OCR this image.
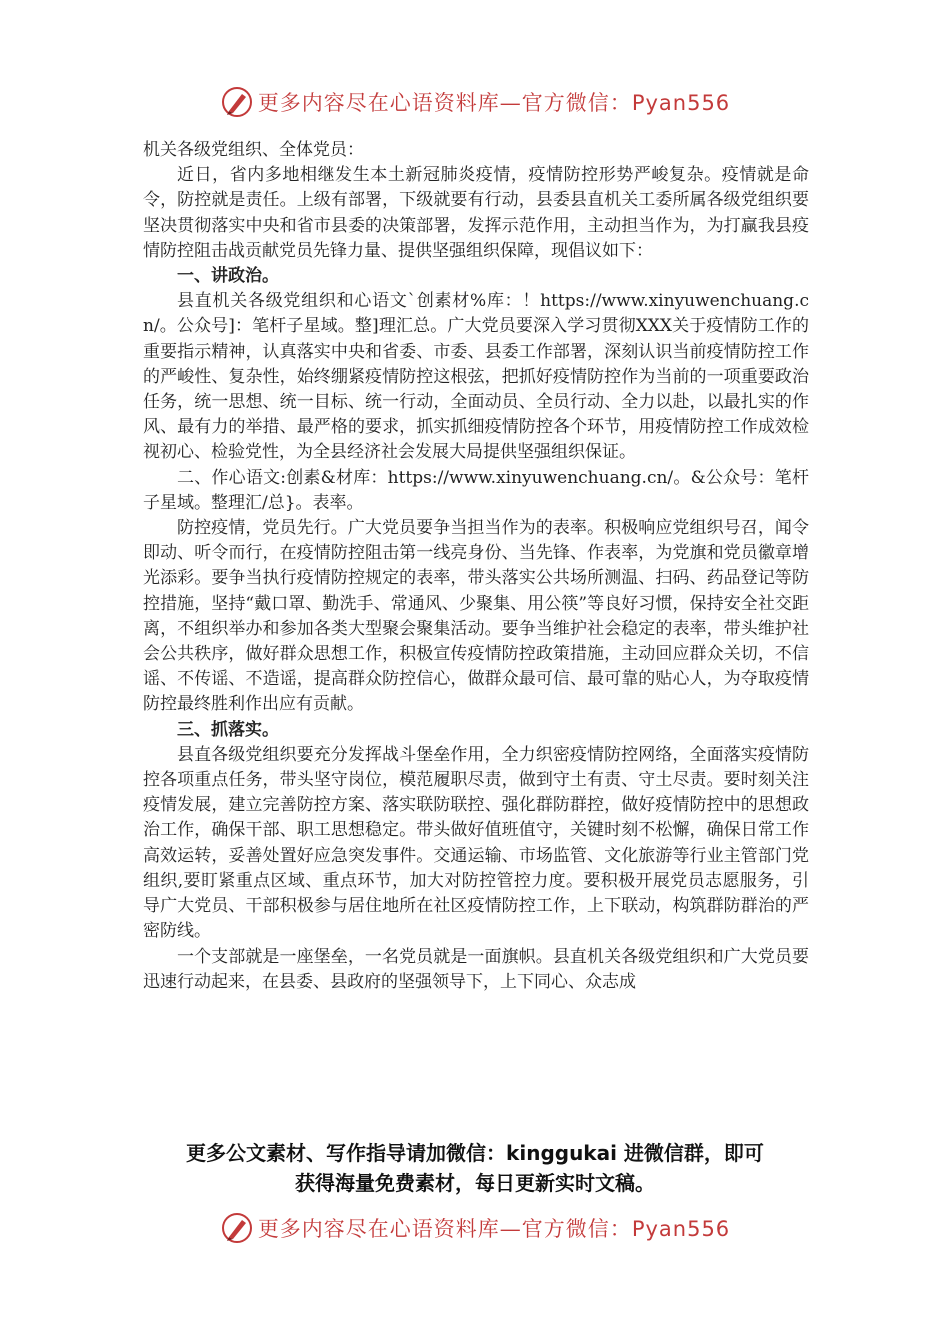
更多内容尽在心语资料库—官方微信：Pyan556

机关各级党组织、全体党员：

近日，省内多地相继发生本土新冠肺炎疫情，疫情防控形势严峻复杂。疫情就是命令，防控就是责任。上级有部署，下级就要有行动，县委县直机关工委所属各级党组织要坚决贯彻落实中央和省市县委的决策部署，发挥示范作用，主动担当作为，为打赢我县疫情防控阻击战贡献党员先锋力量、提供坚强组织保障，现倡议如下：

一、讲政治。

县直机关各级党组织和心语文`创素材%库：！https://www.xinyuwenchuang.cn/。公众号]：笔杆子星域。整]理汇总。广大党员要深入学习贯彻XXX关于疫情防工作的重要指示精神，认真落实中央和省委、市委、县委工作部署，深刻认识当前疫情防控工作的严峻性、复杂性，始终绷紧疫情防控这根弦，把抓好疫情防控作为当前的一项重要政治任务，统一思想、统一目标、统一行动，全面动员、全员行动、全力以赴，以最扎实的作风、最有力的举措、最严格的要求，抓实抓细疫情防控各个环节，用疫情防控工作成效检视初心、检验党性，为全县经济社会发展大局提供坚强组织保证。

二、作心语文:创素&材库：https://www.xinyuwenchuang.cn/。&公众号：笔杆子星域。整理汇/总}。表率。

防控疫情，党员先行。广大党员要争当担当作为的表率。积极响应党组织号召，闻令即动、听令而行，在疫情防控阻击第一线亮身份、当先锋、作表率，为党旗和党员徽章增光添彩。要争当执行疫情防控规定的表率，带头落实公共场所测温、扫码、药品登记等防控措施，坚持“戴口罩、勤洗手、常通风、少聚集、用公筷”等良好习惯，保持安全社交距离，不组织举办和参加各类大型聚会聚集活动。要争当维护社会稳定的表率，带头维护社会公共秩序，做好群众思想工作，积极宣传疫情防控政策措施，主动回应群众关切，不信谣、不传谣、不造谣，提高群众防控信心，做群众最可信、最可靠的贴心人，为夺取疫情防控最终胜利作出应有贡献。

三、抓落实。

县直各级党组织要充分发挥战斗堡垒作用，全力织密疫情防控网络，全面落实疫情防控各项重点任务，带头坚守岗位，模范履职尽责，做到守土有责、守土尽责。要时刻关注疫情发展，建立完善防控方案、落实联防联控、强化群防群控，做好疫情防控中的思想政治工作，确保干部、职工思想稳定。带头做好值班值守，关键时刻不松懈，确保日常工作高效运转，妥善处置好应急突发事件。交通运输、市场监管、文化旅游等行业主管部门党组织,要盯紧重点区域、重点环节，加大对防控管控力度。要积极开展党员志愿服务，引导广大党员、干部积极参与居住地所在社区疫情防控工作，上下联动，构筑群防群治的严密防线。

一个支部就是一座堡垒，一名党员就是一面旗帜。县直机关各级党组织和广大党员要迅速行动起来，在县委、县政府的坚强领导下，上下同心、众志成

更多公文素材、写作指导请加微信：kinggukai 进微信群，即可
获得海量免费素材，每日更新实时文稿。
更多内容尽在心语资料库—官方微信：Pyan556
